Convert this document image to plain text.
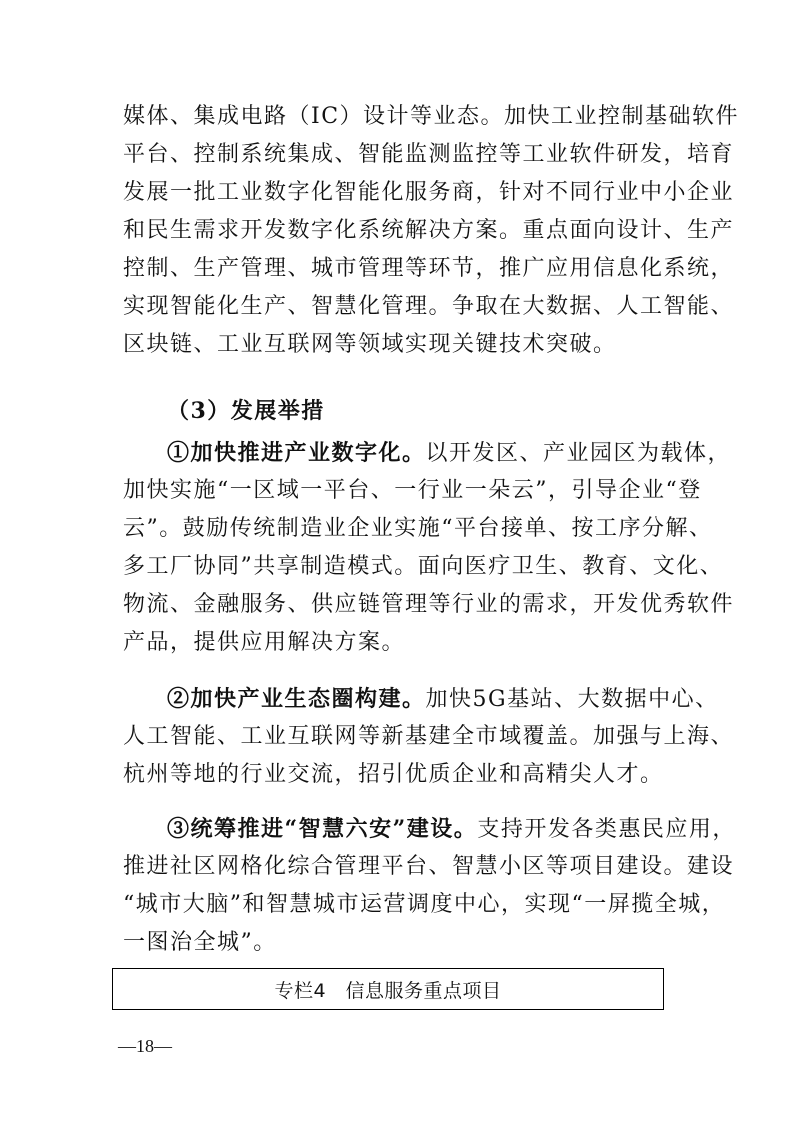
媒体、集成电路（IC）设计等业态。加快工业控制基础软件
平台、控制系统集成、智能监测监控等工业软件研发，培育
发展一批工业数字化智能化服务商，针对不同行业中小企业
和民生需求开发数字化系统解决方案。重点面向设计、生产
控制、生产管理、城市管理等环节，推广应用信息化系统，
实现智能化生产、智慧化管理。争取在大数据、人工智能、
区块链、工业互联网等领域实现关键技术突破。
（3）发展举措
①加快推进产业数字化。以开发区、产业园区为载体，
加快实施“一区域一平台、一行业一朵云”，引导企业“登
云”。鼓励传统制造业企业实施“平台接单、按工序分解、
多工厂协同”共享制造模式。面向医疗卫生、教育、文化、
物流、金融服务、供应链管理等行业的需求，开发优秀软件
产品，提供应用解决方案。
②加快产业生态圈构建。加快5G基站、大数据中心、
人工智能、工业互联网等新基建全市域覆盖。加强与上海、
杭州等地的行业交流，招引优质企业和高精尖人才。
③统筹推进“智慧六安”建设。支持开发各类惠民应用，
推进社区网格化综合管理平台、智慧小区等项目建设。建设
“城市大脑”和智慧城市运营调度中心，实现“一屏揽全城，
一图治全城”。
专栏4　信息服务重点项目
—18—
